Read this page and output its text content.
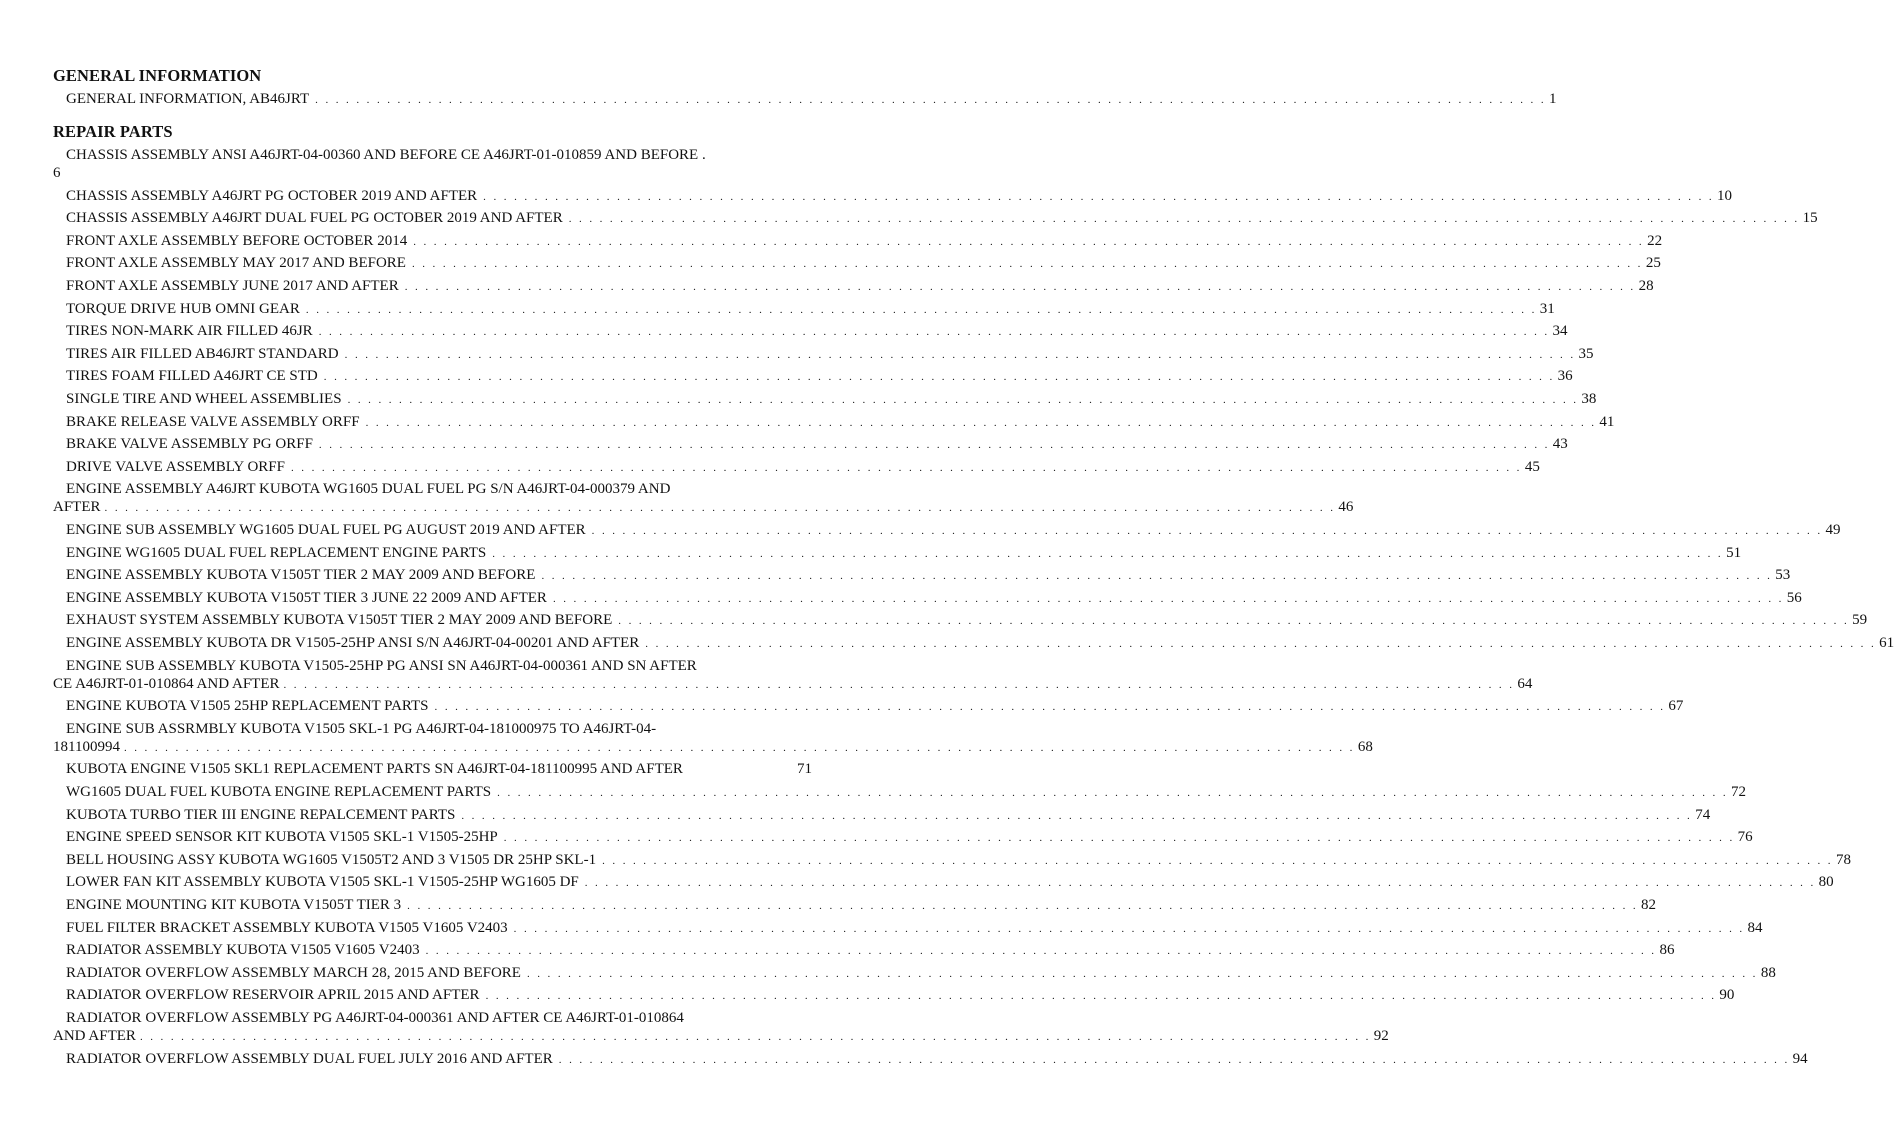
GENERAL INFORMATION
GENERAL INFORMATION, AB46JRT . . . . . . . . . . . . . . . . . . . . . . . . . . . . . . . . . . . . . . . . . . . . . . . . . . . . . . . . . . . . . . . . . . . . . . . . . . . . . . . . . . . . . . . . . . . . . . . . . . . . . . . . . . . . . . . . . . . . . . . . 1
REPAIR PARTS
CHASSIS ASSEMBLY ANSI A46JRT-04-00360 AND BEFORE CE A46JRT-01-010859 AND BEFORE .
6
CHASSIS ASSEMBLY A46JRT PG OCTOBER 2019 AND AFTER . . . . . . . . . . . . . . . . . . . . . . . . . . . . . . . . . . . . . . . . . . . . . . . . . . . . . . . . . . . . . . . . . . . . . . . . . . . . . . . . . . . . . . . . . . . . . . . . . . . . . . . . . . . . . . . . . . . . . . . . 10
CHASSIS ASSEMBLY A46JRT DUAL FUEL PG OCTOBER 2019 AND AFTER . . . . . . . . . . . . . . . . . . . . . . . . . . . . . . . . . . . . . . . . . . . . . . . . . . . . . . . . . . . . . . . . . . . . . . . . . . . . . . . . . . . . . . . . . . . . . . . . . . . . . . . . . . . . . . . . . . . . . . . . 15
FRONT AXLE ASSEMBLY BEFORE OCTOBER 2014 . . . . . . . . . . . . . . . . . . . . . . . . . . . . . . . . . . . . . . . . . . . . . . . . . . . . . . . . . . . . . . . . . . . . . . . . . . . . . . . . . . . . . . . . . . . . . . . . . . . . . . . . . . . . . . . . . . . . . . . . 22
FRONT AXLE ASSEMBLY MAY 2017 AND BEFORE . . . . . . . . . . . . . . . . . . . . . . . . . . . . . . . . . . . . . . . . . . . . . . . . . . . . . . . . . . . . . . . . . . . . . . . . . . . . . . . . . . . . . . . . . . . . . . . . . . . . . . . . . . . . . . . . . . . . . . . . 25
FRONT AXLE ASSEMBLY JUNE 2017 AND AFTER . . . . . . . . . . . . . . . . . . . . . . . . . . . . . . . . . . . . . . . . . . . . . . . . . . . . . . . . . . . . . . . . . . . . . . . . . . . . . . . . . . . . . . . . . . . . . . . . . . . . . . . . . . . . . . . . . . . . . . . . 28
TORQUE DRIVE HUB OMNI GEAR . . . . . . . . . . . . . . . . . . . . . . . . . . . . . . . . . . . . . . . . . . . . . . . . . . . . . . . . . . . . . . . . . . . . . . . . . . . . . . . . . . . . . . . . . . . . . . . . . . . . . . . . . . . . . . . . . . . . . . . . 31
TIRES NON-MARK AIR FILLED 46JR . . . . . . . . . . . . . . . . . . . . . . . . . . . . . . . . . . . . . . . . . . . . . . . . . . . . . . . . . . . . . . . . . . . . . . . . . . . . . . . . . . . . . . . . . . . . . . . . . . . . . . . . . . . . . . . . . . . . . . . . 34
TIRES AIR FILLED AB46JRT STANDARD . . . . . . . . . . . . . . . . . . . . . . . . . . . . . . . . . . . . . . . . . . . . . . . . . . . . . . . . . . . . . . . . . . . . . . . . . . . . . . . . . . . . . . . . . . . . . . . . . . . . . . . . . . . . . . . . . . . . . . . . 35
TIRES FOAM FILLED A46JRT CE STD . . . . . . . . . . . . . . . . . . . . . . . . . . . . . . . . . . . . . . . . . . . . . . . . . . . . . . . . . . . . . . . . . . . . . . . . . . . . . . . . . . . . . . . . . . . . . . . . . . . . . . . . . . . . . . . . . . . . . . . . 36
SINGLE TIRE AND WHEEL ASSEMBLIES . . . . . . . . . . . . . . . . . . . . . . . . . . . . . . . . . . . . . . . . . . . . . . . . . . . . . . . . . . . . . . . . . . . . . . . . . . . . . . . . . . . . . . . . . . . . . . . . . . . . . . . . . . . . . . . . . . . . . . . . 38
BRAKE RELEASE VALVE ASSEMBLY ORFF . . . . . . . . . . . . . . . . . . . . . . . . . . . . . . . . . . . . . . . . . . . . . . . . . . . . . . . . . . . . . . . . . . . . . . . . . . . . . . . . . . . . . . . . . . . . . . . . . . . . . . . . . . . . . . . . . . . . . . . . 41
BRAKE VALVE ASSEMBLY PG ORFF . . . . . . . . . . . . . . . . . . . . . . . . . . . . . . . . . . . . . . . . . . . . . . . . . . . . . . . . . . . . . . . . . . . . . . . . . . . . . . . . . . . . . . . . . . . . . . . . . . . . . . . . . . . . . . . . . . . . . . . . 43
DRIVE VALVE ASSEMBLY ORFF . . . . . . . . . . . . . . . . . . . . . . . . . . . . . . . . . . . . . . . . . . . . . . . . . . . . . . . . . . . . . . . . . . . . . . . . . . . . . . . . . . . . . . . . . . . . . . . . . . . . . . . . . . . . . . . . . . . . . . . . 45
ENGINE ASSEMBLY A46JRT KUBOTA WG1605 DUAL FUEL PG S/N A46JRT-04-000379 AND
AFTER . . . . . . . . . . . . . . . . . . . . . . . . . . . . . . . . . . . . . . . . . . . . . . . . . . . . . . . . . . . . . . . . . . . . . . . . . . . . . . . . . . . . . . . . . . . . . . . . . . . . . . . . . . . . . . . . . . . . . . . . 46
ENGINE SUB ASSEMBLY WG1605 DUAL FUEL PG AUGUST 2019 AND AFTER . . . . . . . . . . . . . . . . . . . . . . . . . . . . . . . . . . . . . . . . . . . . . . . . . . . . . . . . . . . . . . . . . . . . . . . . . . . . . . . . . . . . . . . . . . . . . . . . . . . . . . . . . . . . . . . . . . . . . . . . 49
ENGINE WG1605 DUAL FUEL REPLACEMENT ENGINE PARTS . . . . . . . . . . . . . . . . . . . . . . . . . . . . . . . . . . . . . . . . . . . . . . . . . . . . . . . . . . . . . . . . . . . . . . . . . . . . . . . . . . . . . . . . . . . . . . . . . . . . . . . . . . . . . . . . . . . . . . . . 51
ENGINE ASSEMBLY KUBOTA V1505T TIER 2 MAY 2009 AND BEFORE . . . . . . . . . . . . . . . . . . . . . . . . . . . . . . . . . . . . . . . . . . . . . . . . . . . . . . . . . . . . . . . . . . . . . . . . . . . . . . . . . . . . . . . . . . . . . . . . . . . . . . . . . . . . . . . . . . . . . . . . 53
ENGINE ASSEMBLY KUBOTA V1505T TIER 3 JUNE 22 2009 AND AFTER . . . . . . . . . . . . . . . . . . . . . . . . . . . . . . . . . . . . . . . . . . . . . . . . . . . . . . . . . . . . . . . . . . . . . . . . . . . . . . . . . . . . . . . . . . . . . . . . . . . . . . . . . . . . . . . . . . . . . . . . 56
EXHAUST SYSTEM ASSEMBLY KUBOTA V1505T TIER 2 MAY 2009 AND BEFORE . . . . . . . . . . . . . . . . . . . . . . . . . . . . . . . . . . . . . . . . . . . . . . . . . . . . . . . . . . . . . . . . . . . . . . . . . . . . . . . . . . . . . . . . . . . . . . . . . . . . . . . . . . . . . . . . . . . . . . . . 59
ENGINE ASSEMBLY KUBOTA DR V1505-25HP ANSI S/N A46JRT-04-00201 AND AFTER . . . . . . . . . . . . . . . . . . . . . . . . . . . . . . . . . . . . . . . . . . . . . . . . . . . . . . . . . . . . . . . . . . . . . . . . . . . . . . . . . . . . . . . . . . . . . . . . . . . . . . . . . . . . . . . . . . . . . . . . 61
ENGINE SUB ASSEMBLY KUBOTA V1505-25HP PG ANSI SN A46JRT-04-000361 AND SN AFTER
CE A46JRT-01-010864 AND AFTER . . . . . . . . . . . . . . . . . . . . . . . . . . . . . . . . . . . . . . . . . . . . . . . . . . . . . . . . . . . . . . . . . . . . . . . . . . . . . . . . . . . . . . . . . . . . . . . . . . . . . . . . . . . . . . . . . . . . . . . . 64
ENGINE KUBOTA V1505 25HP REPLACEMENT PARTS . . . . . . . . . . . . . . . . . . . . . . . . . . . . . . . . . . . . . . . . . . . . . . . . . . . . . . . . . . . . . . . . . . . . . . . . . . . . . . . . . . . . . . . . . . . . . . . . . . . . . . . . . . . . . . . . . . . . . . . . 67
ENGINE SUB ASSRMBLY KUBOTA V1505 SKL-1 PG A46JRT-04-181000975 TO A46JRT-04-
181100994 . . . . . . . . . . . . . . . . . . . . . . . . . . . . . . . . . . . . . . . . . . . . . . . . . . . . . . . . . . . . . . . . . . . . . . . . . . . . . . . . . . . . . . . . . . . . . . . . . . . . . . . . . . . . . . . . . . . . . . . . 68
KUBOTA ENGINE V1505 SKL1 REPLACEMENT PARTS SN A46JRT-04-181100995 AND AFTER	71
WG1605 DUAL FUEL KUBOTA ENGINE REPLACEMENT PARTS . . . . . . . . . . . . . . . . . . . . . . . . . . . . . . . . . . . . . . . . . . . . . . . . . . . . . . . . . . . . . . . . . . . . . . . . . . . . . . . . . . . . . . . . . . . . . . . . . . . . . . . . . . . . . . . . . . . . . . . . 72
KUBOTA TURBO TIER III ENGINE REPALCEMENT PARTS . . . . . . . . . . . . . . . . . . . . . . . . . . . . . . . . . . . . . . . . . . . . . . . . . . . . . . . . . . . . . . . . . . . . . . . . . . . . . . . . . . . . . . . . . . . . . . . . . . . . . . . . . . . . . . . . . . . . . . . . 74
ENGINE SPEED SENSOR KIT KUBOTA V1505 SKL-1 V1505-25HP . . . . . . . . . . . . . . . . . . . . . . . . . . . . . . . . . . . . . . . . . . . . . . . . . . . . . . . . . . . . . . . . . . . . . . . . . . . . . . . . . . . . . . . . . . . . . . . . . . . . . . . . . . . . . . . . . . . . . . . . 76
BELL HOUSING ASSY KUBOTA WG1605 V1505T2 AND 3 V1505 DR 25HP SKL-1 . . . . . . . . . . . . . . . . . . . . . . . . . . . . . . . . . . . . . . . . . . . . . . . . . . . . . . . . . . . . . . . . . . . . . . . . . . . . . . . . . . . . . . . . . . . . . . . . . . . . . . . . . . . . . . . . . . . . . . . . 78
LOWER FAN KIT ASSEMBLY KUBOTA V1505 SKL-1 V1505-25HP WG1605 DF . . . . . . . . . . . . . . . . . . . . . . . . . . . . . . . . . . . . . . . . . . . . . . . . . . . . . . . . . . . . . . . . . . . . . . . . . . . . . . . . . . . . . . . . . . . . . . . . . . . . . . . . . . . . . . . . . . . . . . . . 80
ENGINE MOUNTING KIT KUBOTA V1505T TIER 3 . . . . . . . . . . . . . . . . . . . . . . . . . . . . . . . . . . . . . . . . . . . . . . . . . . . . . . . . . . . . . . . . . . . . . . . . . . . . . . . . . . . . . . . . . . . . . . . . . . . . . . . . . . . . . . . . . . . . . . . . 82
FUEL FILTER BRACKET ASSEMBLY KUBOTA V1505 V1605 V2403 . . . . . . . . . . . . . . . . . . . . . . . . . . . . . . . . . . . . . . . . . . . . . . . . . . . . . . . . . . . . . . . . . . . . . . . . . . . . . . . . . . . . . . . . . . . . . . . . . . . . . . . . . . . . . . . . . . . . . . . . 84
RADIATOR ASSEMBLY KUBOTA V1505 V1605 V2403 . . . . . . . . . . . . . . . . . . . . . . . . . . . . . . . . . . . . . . . . . . . . . . . . . . . . . . . . . . . . . . . . . . . . . . . . . . . . . . . . . . . . . . . . . . . . . . . . . . . . . . . . . . . . . . . . . . . . . . . . 86
RADIATOR OVERFLOW ASSEMBLY MARCH 28, 2015 AND BEFORE . . . . . . . . . . . . . . . . . . . . . . . . . . . . . . . . . . . . . . . . . . . . . . . . . . . . . . . . . . . . . . . . . . . . . . . . . . . . . . . . . . . . . . . . . . . . . . . . . . . . . . . . . . . . . . . . . . . . . . . . 88
RADIATOR OVERFLOW RESERVOIR APRIL 2015 AND AFTER . . . . . . . . . . . . . . . . . . . . . . . . . . . . . . . . . . . . . . . . . . . . . . . . . . . . . . . . . . . . . . . . . . . . . . . . . . . . . . . . . . . . . . . . . . . . . . . . . . . . . . . . . . . . . . . . . . . . . . . . 90
RADIATOR OVERFLOW ASSEMBLY PG A46JRT-04-000361 AND AFTER CE A46JRT-01-010864
AND AFTER . . . . . . . . . . . . . . . . . . . . . . . . . . . . . . . . . . . . . . . . . . . . . . . . . . . . . . . . . . . . . . . . . . . . . . . . . . . . . . . . . . . . . . . . . . . . . . . . . . . . . . . . . . . . . . . . . . . . . . . . 92
RADIATOR OVERFLOW ASSEMBLY DUAL FUEL JULY 2016 AND AFTER . . . . . . . . . . . . . . . . . . . . . . . . . . . . . . . . . . . . . . . . . . . . . . . . . . . . . . . . . . . . . . . . . . . . . . . . . . . . . . . . . . . . . . . . . . . . . . . . . . . . . . . . . . . . . . . . . . . . . . . . 94
